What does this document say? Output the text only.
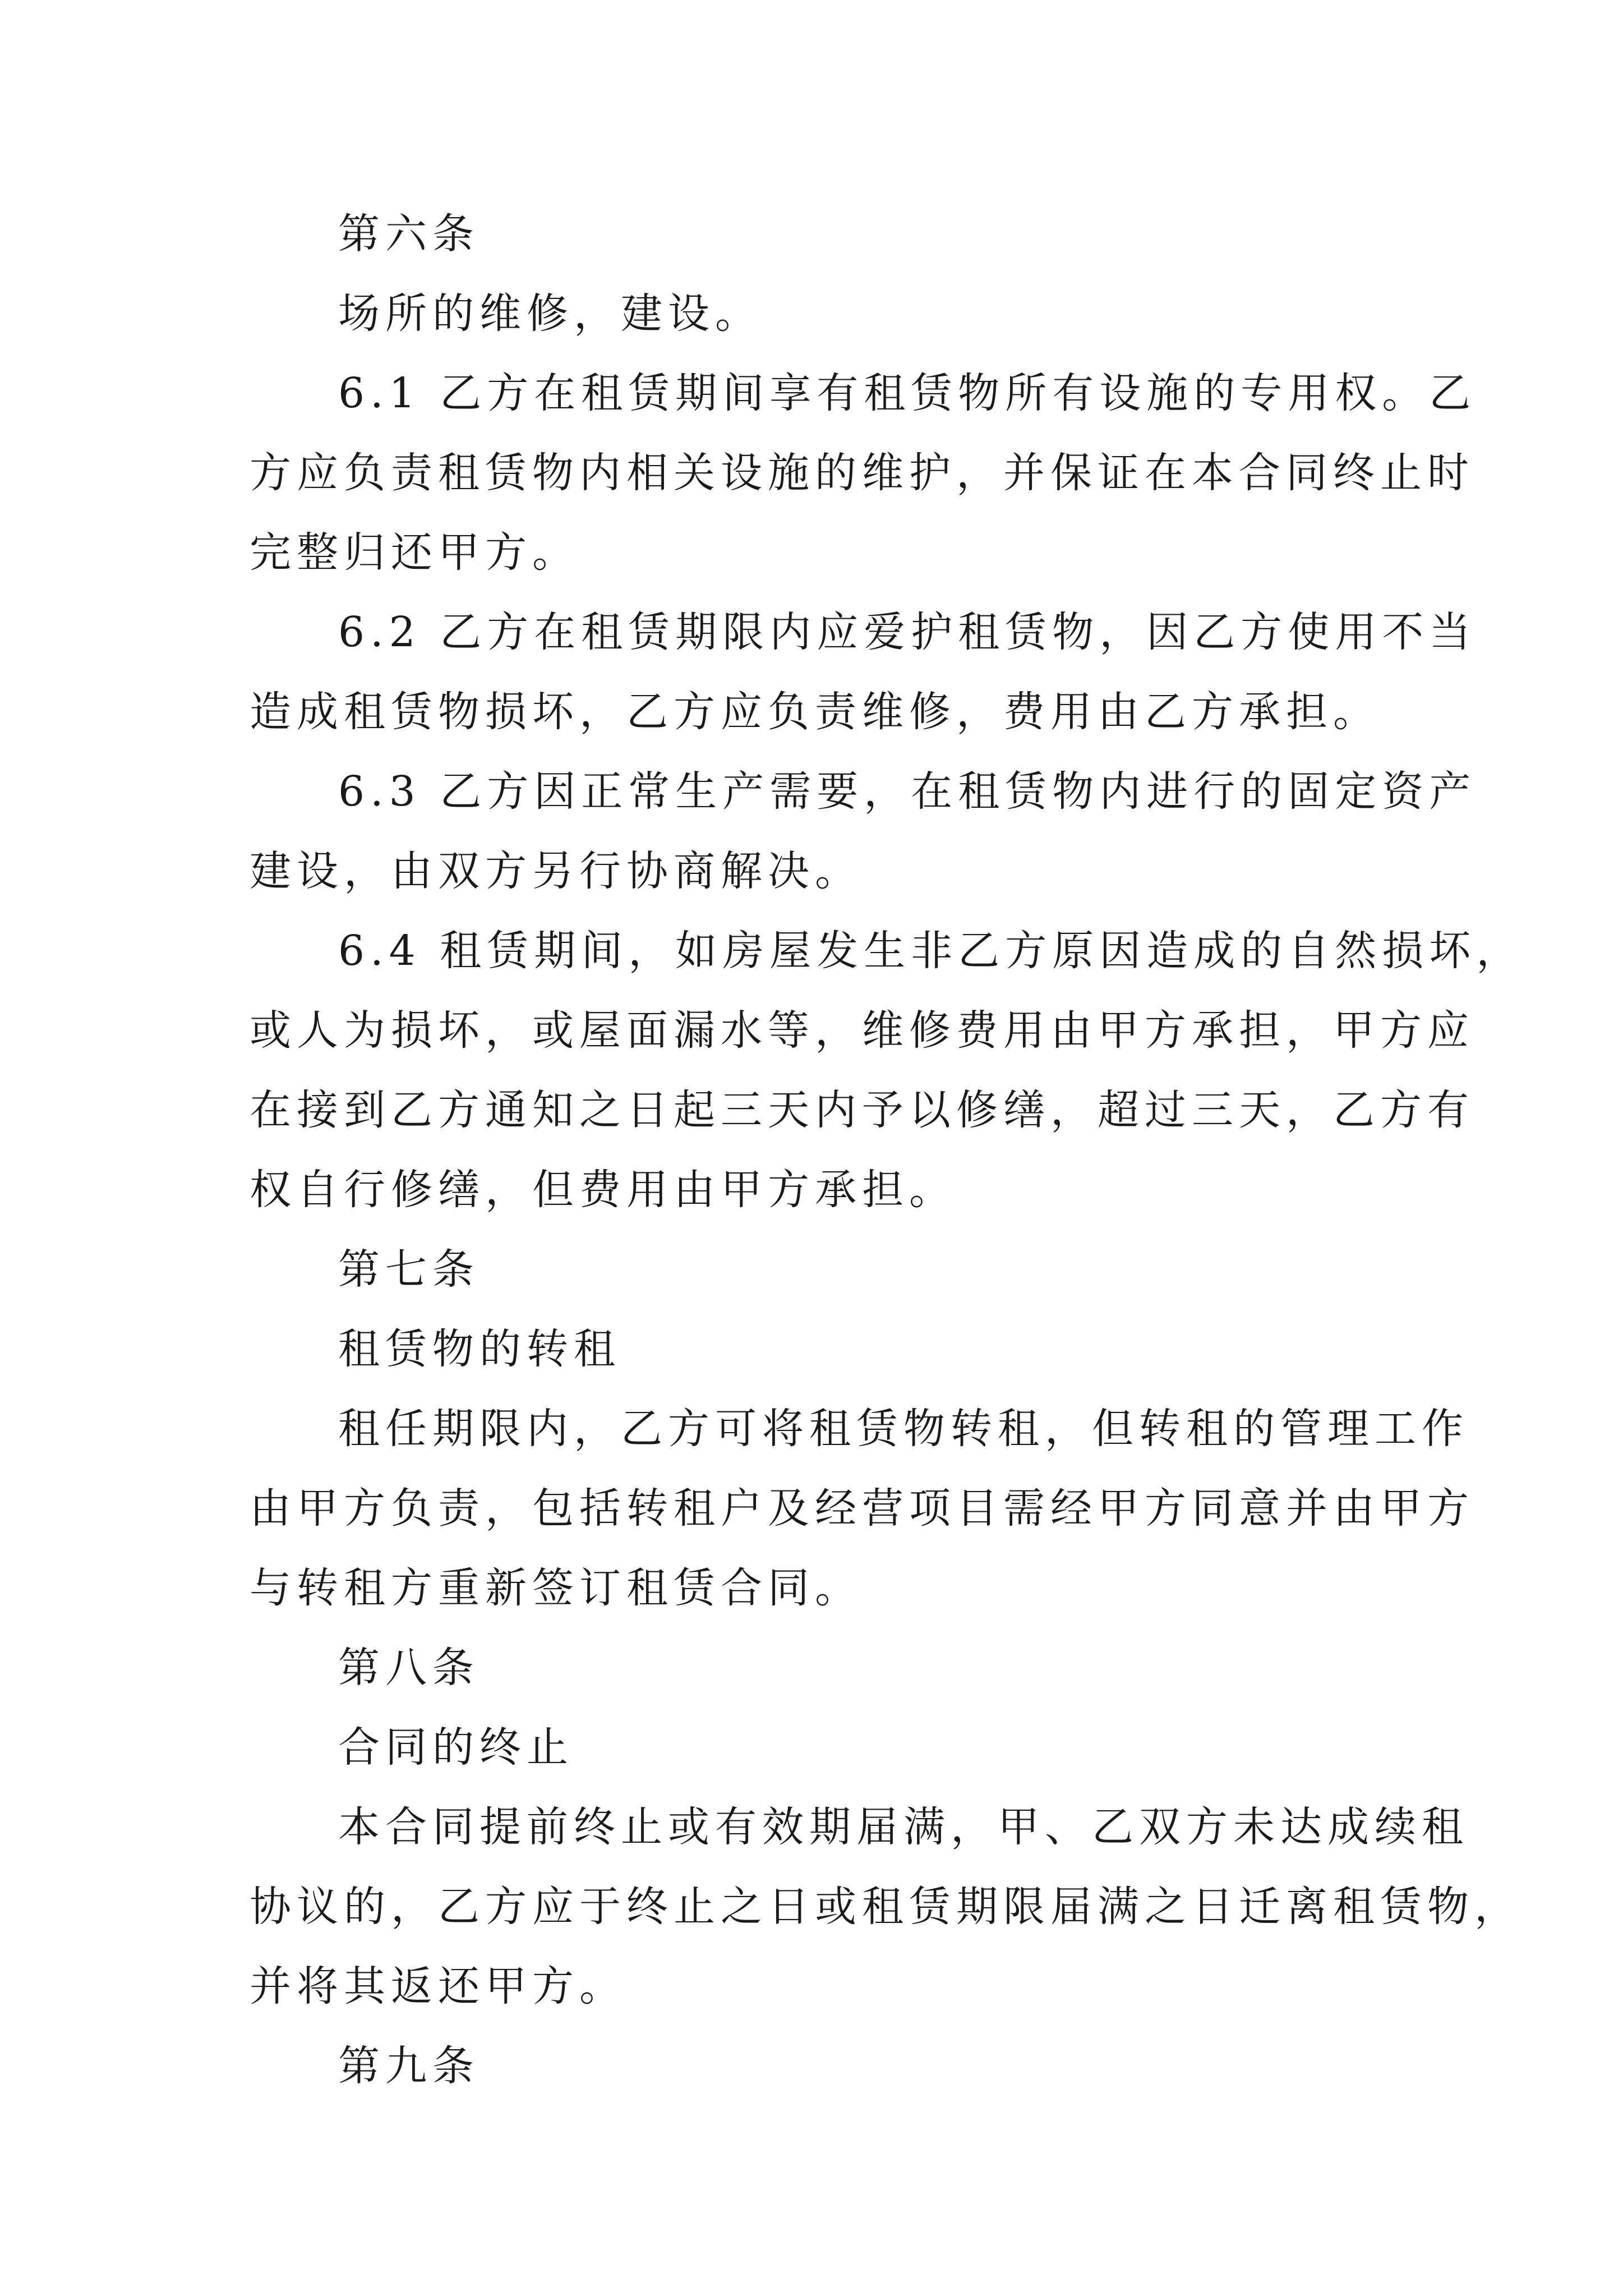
第六条
场所的维修，建设。
6.1 乙方在租赁期间享有租赁物所有设施的专用权。乙
方应负责租赁物内相关设施的维护，并保证在本合同终止时
完整归还甲方。
6.2 乙方在租赁期限内应爱护租赁物，因乙方使用不当
造成租赁物损坏，乙方应负责维修，费用由乙方承担。
6.3 乙方因正常生产需要，在租赁物内进行的固定资产
建设，由双方另行协商解决。
6.4 租赁期间，如房屋发生非乙方原因造成的自然损坏，
或人为损坏，或屋面漏水等，维修费用由甲方承担，甲方应
在接到乙方通知之日起三天内予以修缮，超过三天，乙方有
权自行修缮，但费用由甲方承担。
第七条
租赁物的转租
租任期限内，乙方可将租赁物转租，但转租的管理工作
由甲方负责，包括转租户及经营项目需经甲方同意并由甲方
与转租方重新签订租赁合同。
第八条
合同的终止
本合同提前终止或有效期届满，甲、乙双方未达成续租
协议的，乙方应于终止之日或租赁期限届满之日迁离租赁物，
并将其返还甲方。
第九条
